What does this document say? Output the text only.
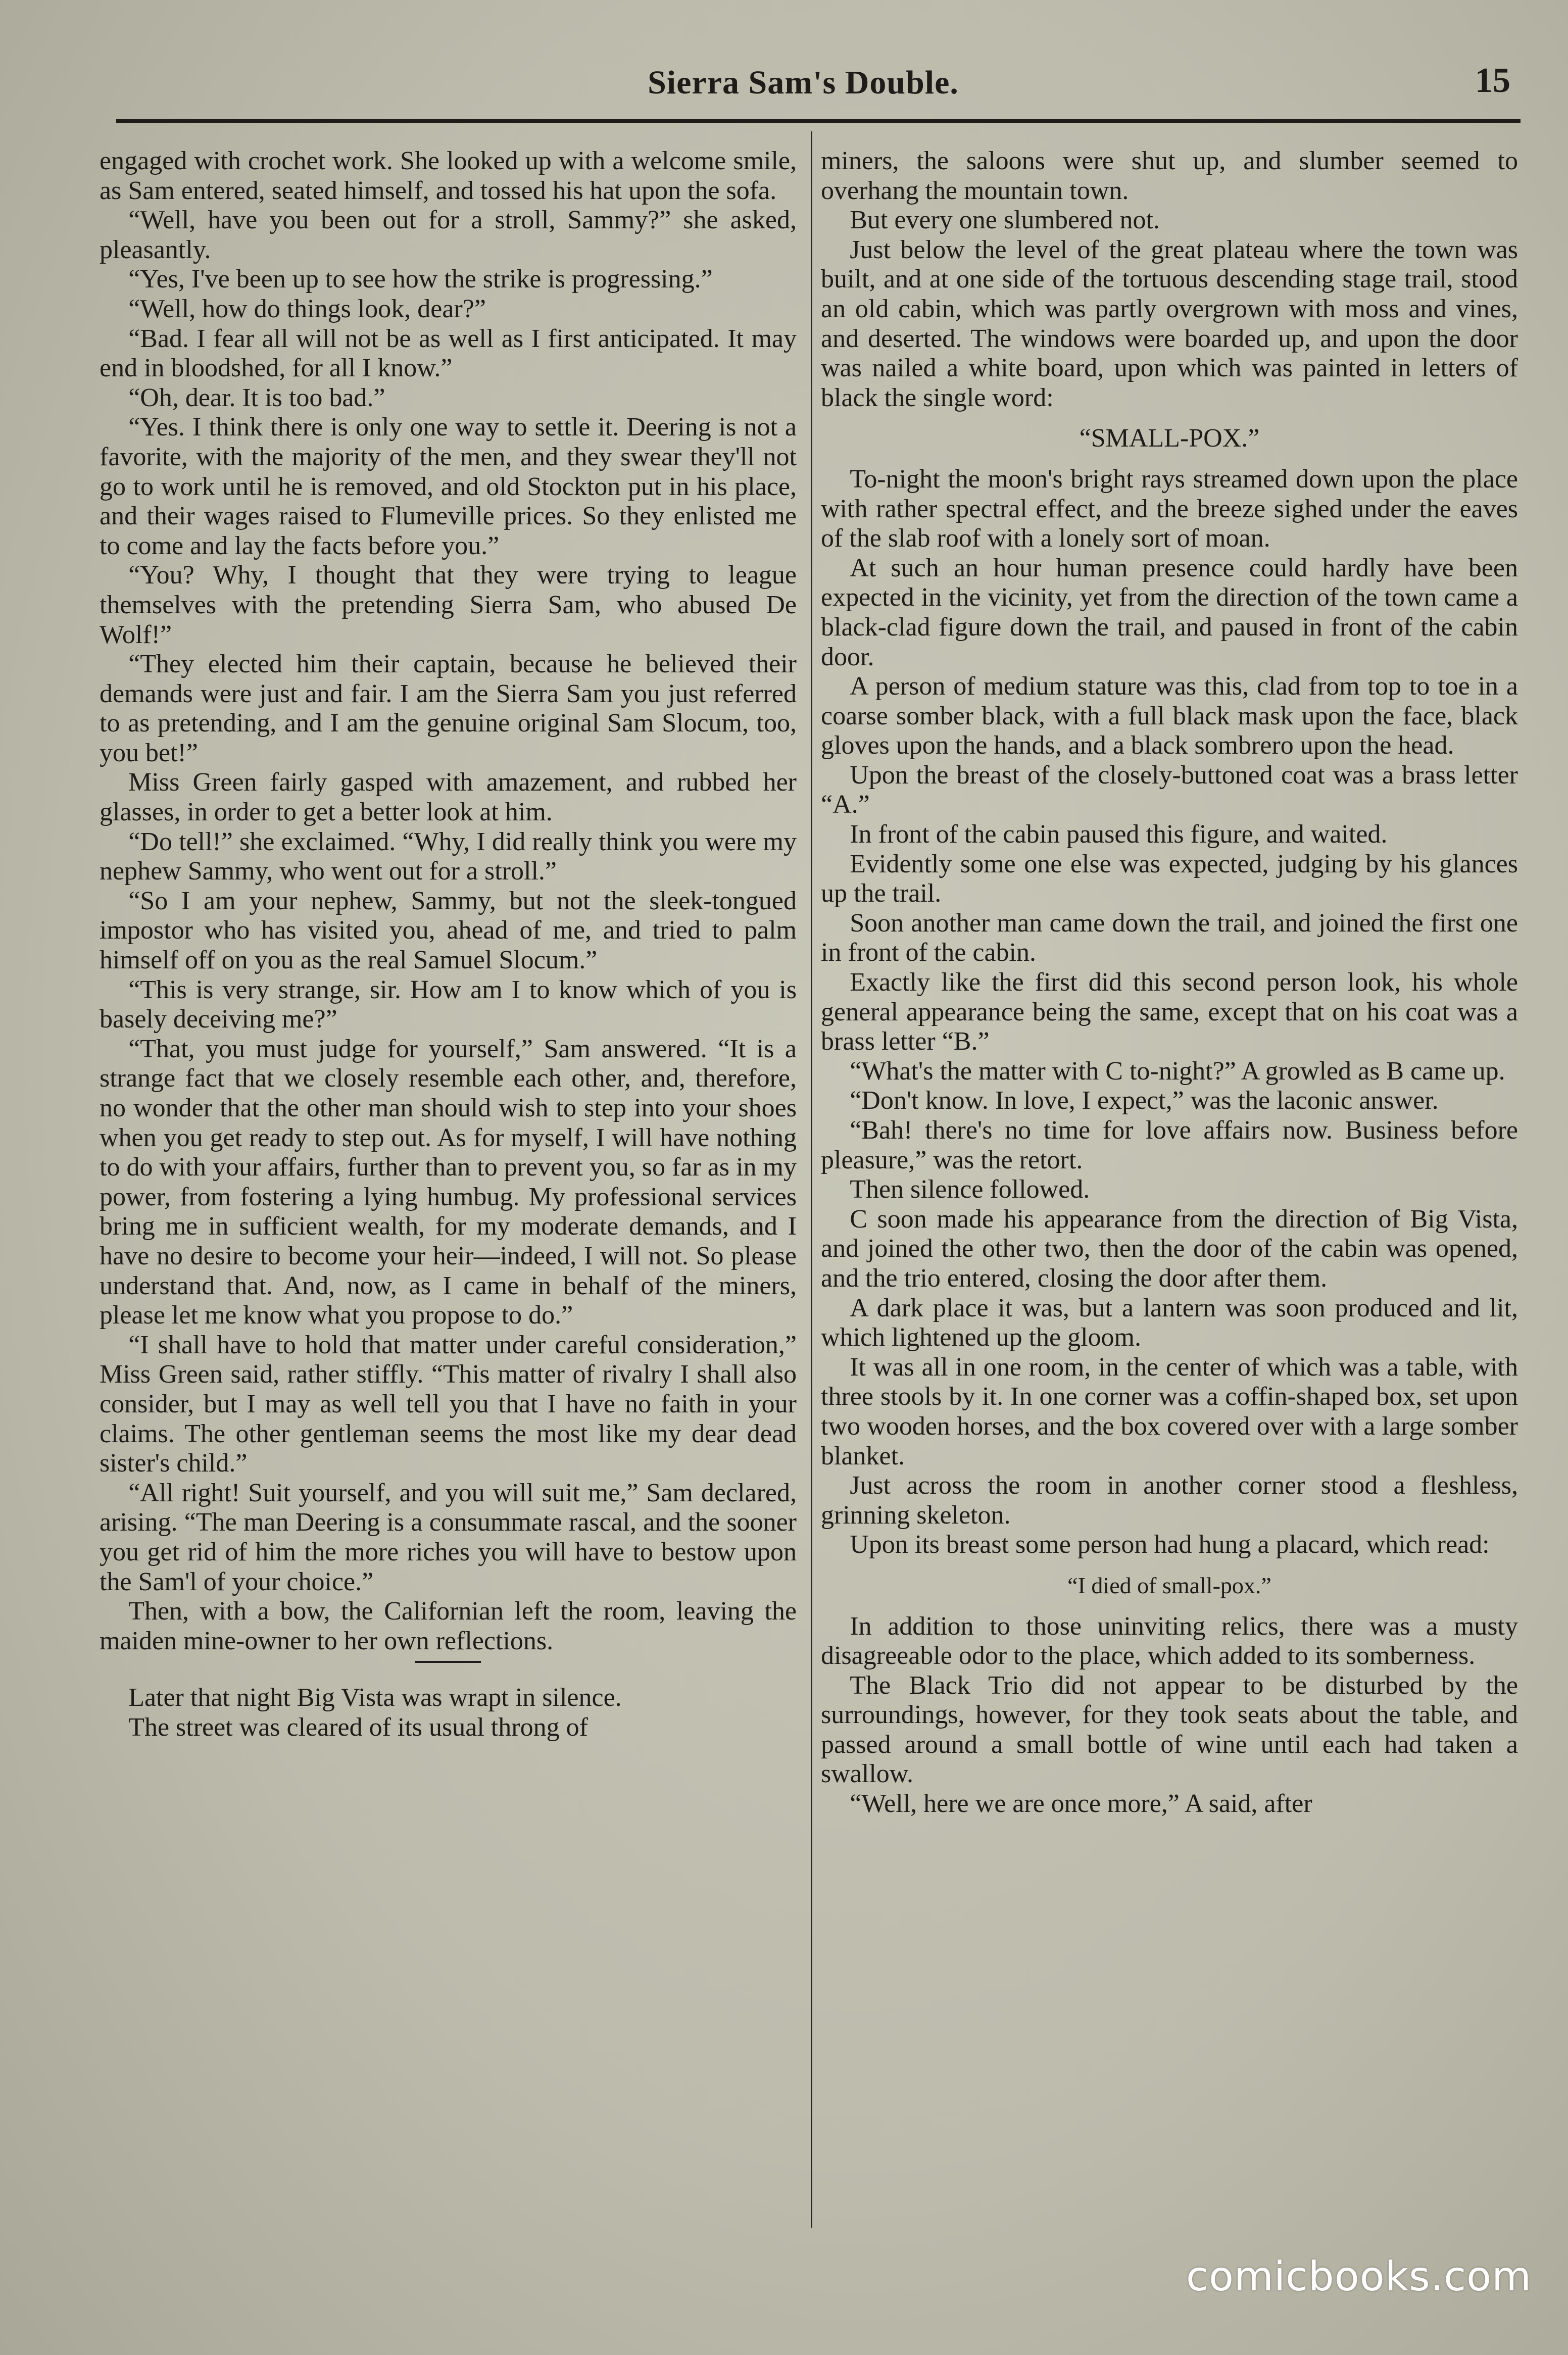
Sierra Sam's Double.	15

engaged with crochet work. She looked up with a welcome smile, as Sam entered, seated himself, and tossed his hat upon the sofa.

“Well, have you been out for a stroll, Sammy?” she asked, pleasantly.

“Yes, I've been up to see how the strike is progressing.”

“Well, how do things look, dear?”

“Bad. I fear all will not be as well as I first anticipated. It may end in bloodshed, for all I know.”

“Oh, dear. It is too bad.”

“Yes. I think there is only one way to settle it. Deering is not a favorite, with the majority of the men, and they swear they'll not go to work until he is removed, and old Stockton put in his place, and their wages raised to Flumeville prices. So they enlisted me to come and lay the facts before you.”

“You? Why, I thought that they were trying to league themselves with the pretending Sierra Sam, who abused De Wolf!”

“They elected him their captain, because he believed their demands were just and fair. I am the Sierra Sam you just referred to as pretending, and I am the genuine original Sam Slocum, too, you bet!”

Miss Green fairly gasped with amazement, and rubbed her glasses, in order to get a better look at him.

“Do tell!” she exclaimed. “Why, I did really think you were my nephew Sammy, who went out for a stroll.”

“So I am your nephew, Sammy, but not the sleek-tongued impostor who has visited you, ahead of me, and tried to palm himself off on you as the real Samuel Slocum.”

“This is very strange, sir. How am I to know which of you is basely deceiving me?”

“That, you must judge for yourself,” Sam answered. “It is a strange fact that we closely resemble each other, and, therefore, no wonder that the other man should wish to step into your shoes when you get ready to step out. As for myself, I will have nothing to do with your affairs, further than to prevent you, so far as in my power, from fostering a lying humbug. My professional services bring me in sufficient wealth, for my moderate demands, and I have no desire to become your heir—indeed, I will not. So please understand that. And, now, as I came in behalf of the miners, please let me know what you propose to do.”

“I shall have to hold that matter under careful consideration,” Miss Green said, rather stiffly. “This matter of rivalry I shall also consider, but I may as well tell you that I have no faith in your claims. The other gentleman seems the most like my dear dead sister's child.”

“All right! Suit yourself, and you will suit me,” Sam declared, arising. “The man Deering is a consummate rascal, and the sooner you get rid of him the more riches you will have to bestow upon the Sam'l of your choice.”

Then, with a bow, the Californian left the room, leaving the maiden mine-owner to her own reflections.

Later that night Big Vista was wrapt in silence.

The street was cleared of its usual throng of

miners, the saloons were shut up, and slumber seemed to overhang the mountain town.

But every one slumbered not.

Just below the level of the great plateau where the town was built, and at one side of the tortuous descending stage trail, stood an old cabin, which was partly overgrown with moss and vines, and deserted. The windows were boarded up, and upon the door was nailed a white board, upon which was painted in letters of black the single word:

“SMALL-POX.”

To-night the moon's bright rays streamed down upon the place with rather spectral effect, and the breeze sighed under the eaves of the slab roof with a lonely sort of moan.

At such an hour human presence could hardly have been expected in the vicinity, yet from the direction of the town came a black-clad figure down the trail, and paused in front of the cabin door.

A person of medium stature was this, clad from top to toe in a coarse somber black, with a full black mask upon the face, black gloves upon the hands, and a black sombrero upon the head.

Upon the breast of the closely-buttoned coat was a brass letter “A.”

In front of the cabin paused this figure, and waited.

Evidently some one else was expected, judging by his glances up the trail.

Soon another man came down the trail, and joined the first one in front of the cabin.

Exactly like the first did this second person look, his whole general appearance being the same, except that on his coat was a brass letter “B.”

“What's the matter with C to-night?” A growled as B came up.

“Don't know. In love, I expect,” was the laconic answer.

“Bah! there's no time for love affairs now. Business before pleasure,” was the retort.

Then silence followed.

C soon made his appearance from the direction of Big Vista, and joined the other two, then the door of the cabin was opened, and the trio entered, closing the door after them.

A dark place it was, but a lantern was soon produced and lit, which lightened up the gloom.

It was all in one room, in the center of which was a table, with three stools by it. In one corner was a coffin-shaped box, set upon two wooden horses, and the box covered over with a large somber blanket.

Just across the room in another corner stood a fleshless, grinning skeleton.

Upon its breast some person had hung a placard, which read:

“I died of small-pox.”

In addition to those uninviting relics, there was a musty disagreeable odor to the place, which added to its somberness.

The Black Trio did not appear to be disturbed by the surroundings, however, for they took seats about the table, and passed around a small bottle of wine until each had taken a swallow.

“Well, here we are once more,” A said, after

comicbooks.com
